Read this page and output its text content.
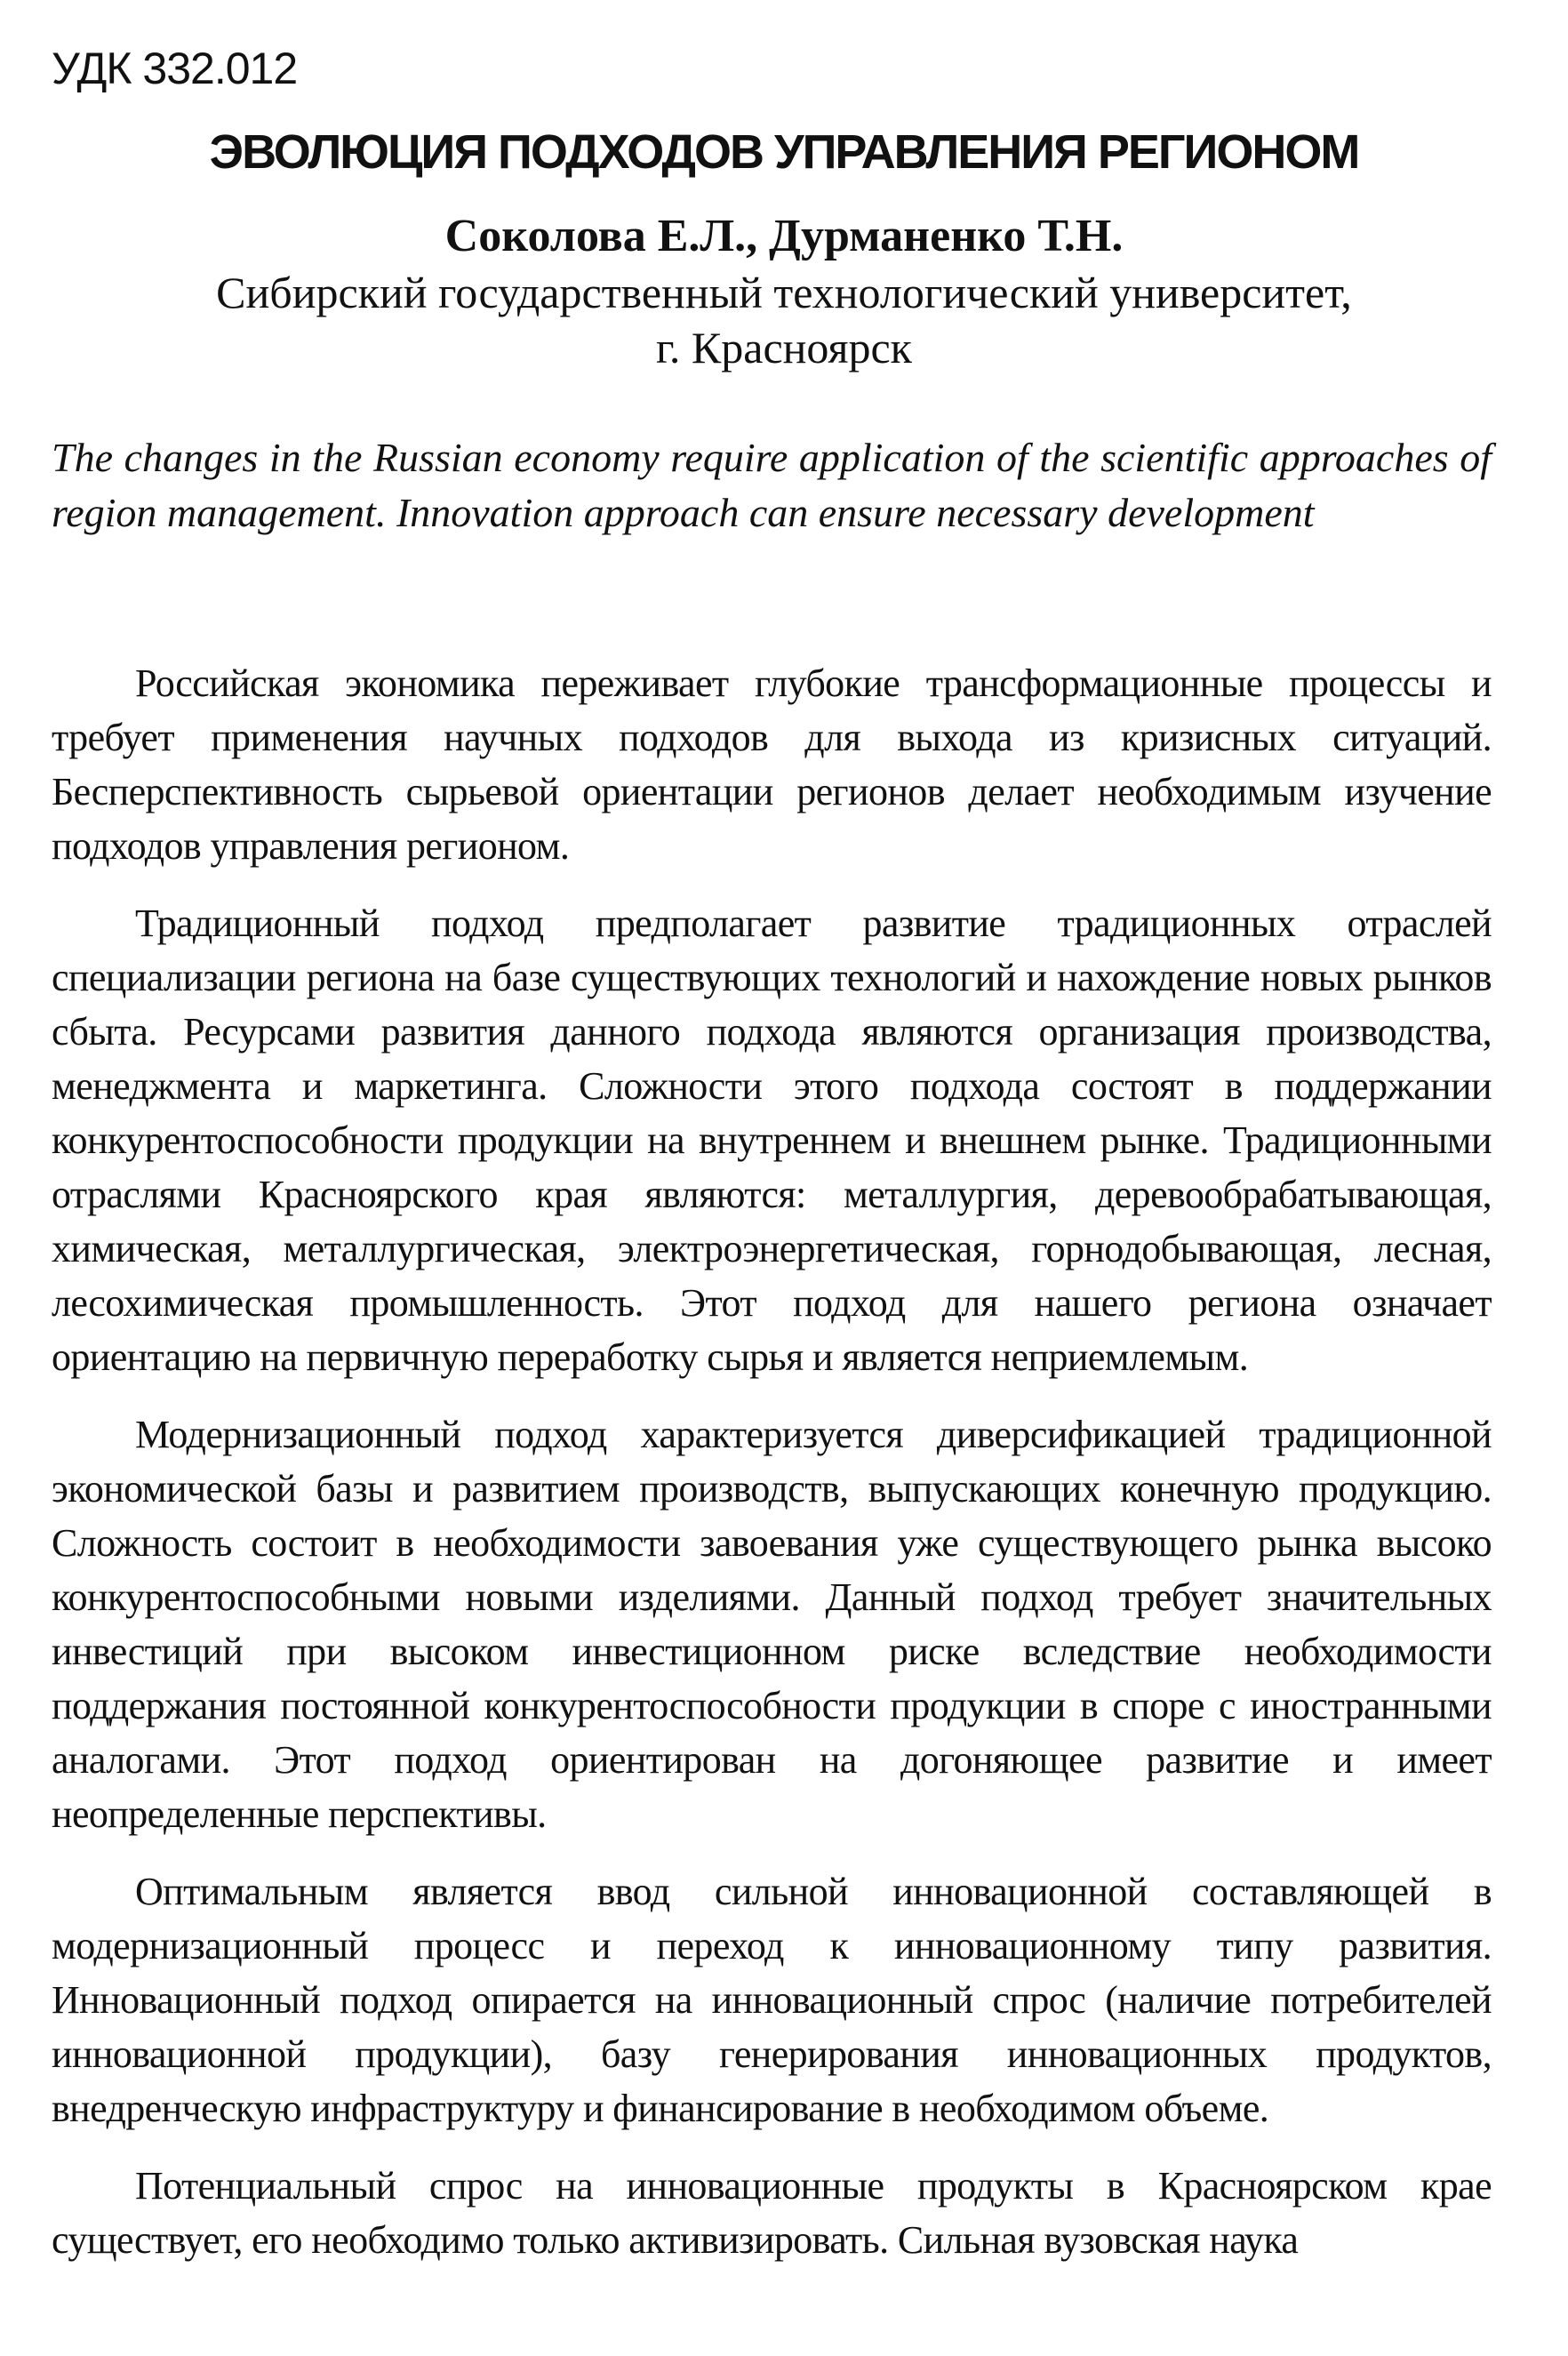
УДК 332.012
ЭВОЛЮЦИЯ ПОДХОДОВ УПРАВЛЕНИЯ РЕГИОНОМ
Соколова Е.Л., Дурманенко Т.Н.
Сибирский государственный технологический университет,
г. Красноярск

The changes in the Russian economy require application of the scientific approaches of region management. Innovation approach can ensure necessary development

Российская экономика переживает глубокие трансформационные процессы и требует применения научных подходов для выхода из кризисных ситуаций. Бесперспективность сырьевой ориентации регионов делает необходимым изучение подходов управления регионом.

Традиционный подход предполагает развитие традиционных отраслей специализации региона на базе существующих технологий и нахождение новых рынков сбыта. Ресурсами развития данного подхода являются организация производства, менеджмента и маркетинга. Сложности этого подхода состоят в поддержании конкурентоспособности продукции на внутреннем и внешнем рынке. Традиционными отраслями Красноярского края являются: металлургия, деревообрабатывающая, химическая, металлургическая, электроэнергетическая, горнодобывающая, лесная, лесохимическая промышленность. Этот подход для нашего региона означает ориентацию на первичную переработку сырья и является неприемлемым.

Модернизационный подход характеризуется диверсификацией традиционной экономической базы и развитием производств, выпускающих конечную продукцию. Сложность состоит в необходимости завоевания уже существующего рынка высоко конкурентоспособными новыми изделиями. Данный подход требует значительных инвестиций при высоком инвестиционном риске вследствие необходимости поддержания постоянной конкурентоспособности продукции в споре с иностранными аналогами. Этот подход ориентирован на догоняющее развитие и имеет неопределенные перспективы.

Оптимальным является ввод сильной инновационной составляющей в модернизационный процесс и переход к инновационному типу развития. Инновационный подход опирается на инновационный спрос (наличие потребителей инновационной продукции), базу генерирования инновационных продуктов, внедренческую инфраструктуру и финансирование в необходимом объеме.

Потенциальный спрос на инновационные продукты в Красноярском крае существует, его необходимо только активизировать. Сильная вузовская наука
